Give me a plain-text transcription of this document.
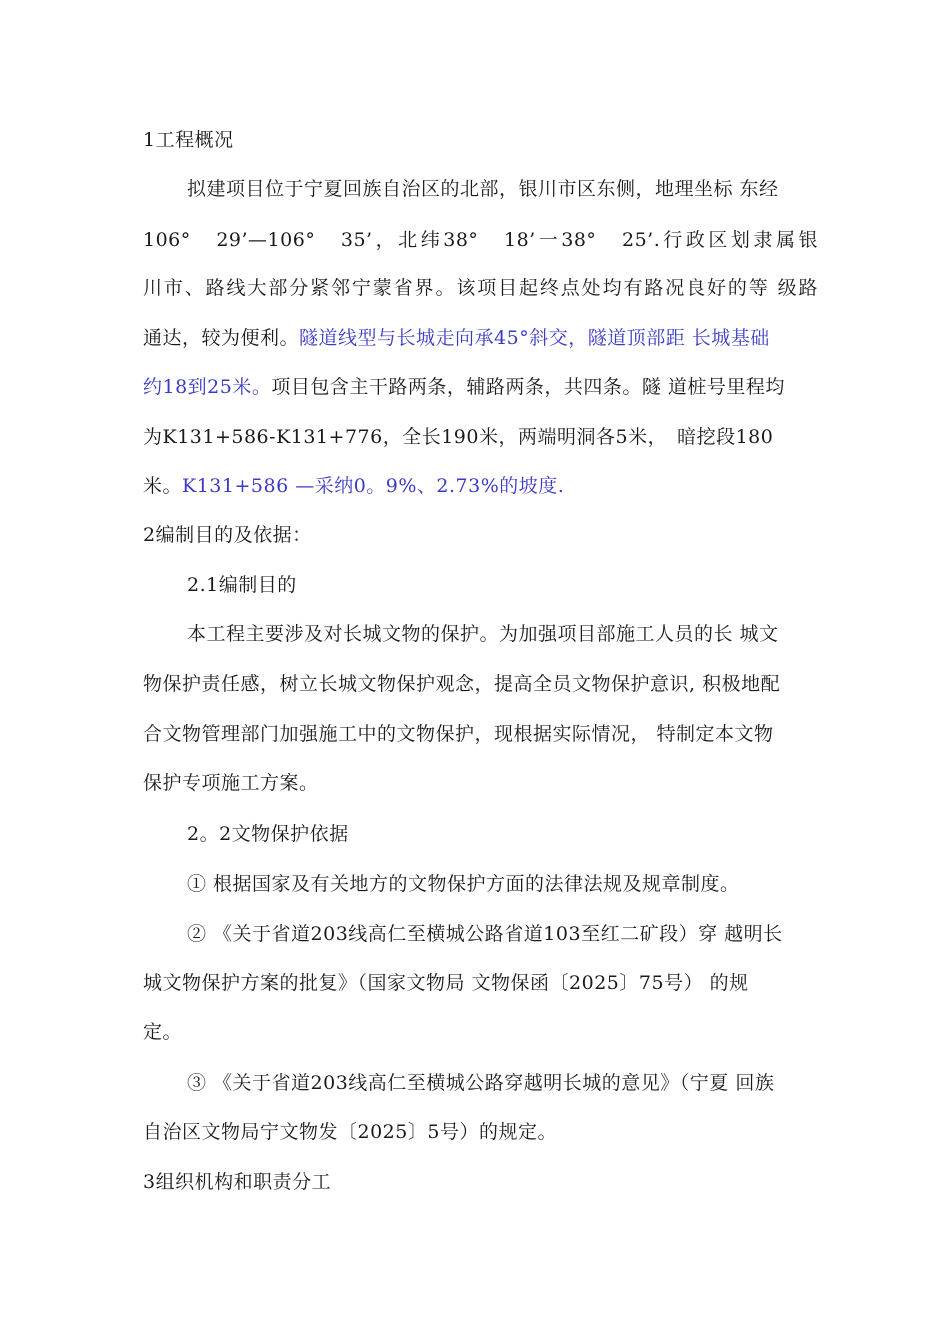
1工程概况
拟建项目位于宁夏回族自治区的北部，银川市区东侧，地理坐标 东经
106°　29’—106°　35’，北纬38°　18’一38°　25’.行政区划隶属银
川市、路线大部分紧邻宁蒙省界。该项目起终点处均有路况良好的等 级路
通达，较为便利。隧道线型与长城走向承45°斜交，隧道顶部距 长城基础
约18到25米。项目包含主干路两条，辅路两条，共四条。隧 道桩号里程均
为K131+586-K131+776，全长190米，两端明洞各5米，　暗挖段180
米。K131+586 —采纳0。9%、2.73%的坡度.
2编制目的及依据：
2.1编制目的
本工程主要涉及对长城文物的保护。为加强项目部施工人员的长 城文
物保护责任感，树立长城文物保护观念，提高全员文物保护意识, 积极地配
合文物管理部门加强施工中的文物保护，现根据实际情况， 特制定本文物
保护专项施工方案。
2。2文物保护依据
① 根据国家及有关地方的文物保护方面的法律法规及规章制度。
② 《关于省道203线高仁至横城公路省道103至红二矿段）穿 越明长
城文物保护方案的批复》（国家文物局 文物保函〔2025〕75号） 的规
定。
③ 《关于省道203线高仁至横城公路穿越明长城的意见》（宁夏 回族
自治区文物局宁文物发〔2025〕5号）的规定。
3组织机构和职责分工
